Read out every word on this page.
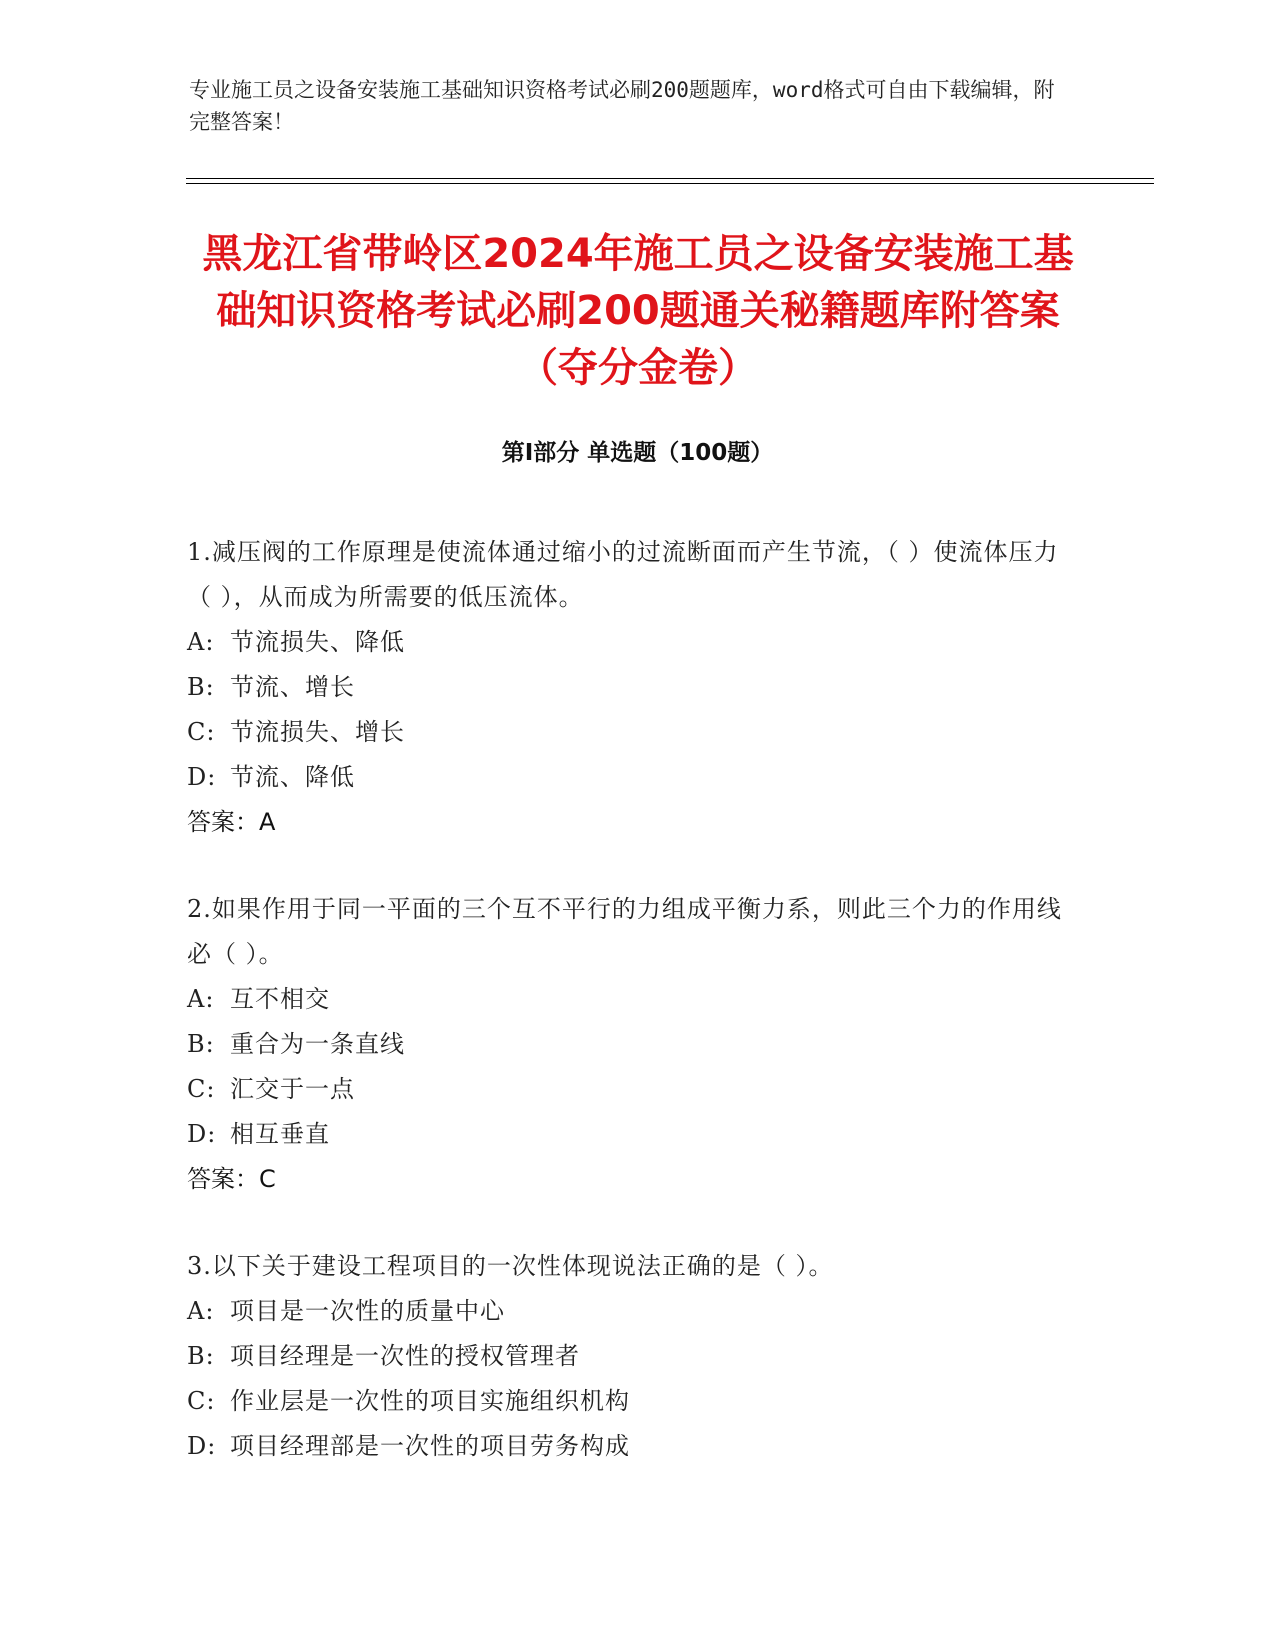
专业施工员之设备安装施工基础知识资格考试必刷200题题库，word格式可自由下载编辑，附完整答案！
黑龙江省带岭区2024年施工员之设备安装施工基础知识资格考试必刷200题通关秘籍题库附答案（夺分金卷）
第I部分 单选题（100题）
1.减压阀的工作原理是使流体通过缩小的过流断面而产生节流，（ ）使流体压力（ ），从而成为所需要的低压流体。
A: 节流损失、降低
B: 节流、增长
C: 节流损失、增长
D: 节流、降低
答案：A
2.如果作用于同一平面的三个互不平行的力组成平衡力系，则此三个力的作用线必（ ）。
A: 互不相交
B: 重合为一条直线
C: 汇交于一点
D: 相互垂直
答案：C
3.以下关于建设工程项目的一次性体现说法正确的是（ ）。
A: 项目是一次性的质量中心
B: 项目经理是一次性的授权管理者
C: 作业层是一次性的项目实施组织机构
D: 项目经理部是一次性的项目劳务构成
